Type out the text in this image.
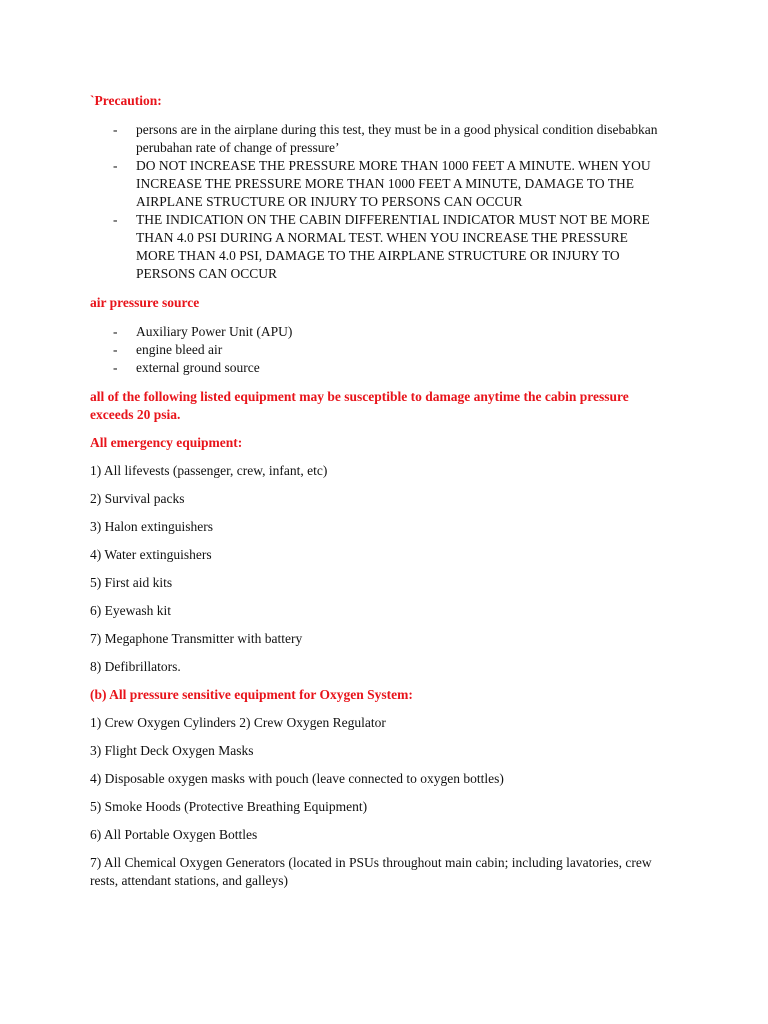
`Precaution:

- persons are in the airplane during this test, they must be in a good physical condition disebabkan perubahan rate of change of pressure’
- DO NOT INCREASE THE PRESSURE MORE THAN 1000 FEET A MINUTE. WHEN YOU INCREASE THE PRESSURE MORE THAN 1000 FEET A MINUTE, DAMAGE TO THE AIRPLANE STRUCTURE OR INJURY TO PERSONS CAN OCCUR
- THE INDICATION ON THE CABIN DIFFERENTIAL INDICATOR MUST NOT BE MORE THAN 4.0 PSI DURING A NORMAL TEST. WHEN YOU INCREASE THE PRESSURE MORE THAN 4.0 PSI, DAMAGE TO THE AIRPLANE STRUCTURE OR INJURY TO PERSONS CAN OCCUR

air pressure source

- Auxiliary Power Unit (APU)
- engine bleed air
- external ground source

all of the following listed equipment may be susceptible to damage anytime the cabin pressure exceeds 20 psia.

All emergency equipment:

1) All lifevests (passenger, crew, infant, etc)

2) Survival packs

3) Halon extinguishers

4) Water extinguishers

5) First aid kits

6) Eyewash kit

7) Megaphone Transmitter with battery

8) Defibrillators.

(b) All pressure sensitive equipment for Oxygen System:

1) Crew Oxygen Cylinders 2) Crew Oxygen Regulator

3) Flight Deck Oxygen Masks

4) Disposable oxygen masks with pouch (leave connected to oxygen bottles)

5) Smoke Hoods (Protective Breathing Equipment)

6) All Portable Oxygen Bottles

7) All Chemical Oxygen Generators (located in PSUs throughout main cabin; including lavatories, crew rests, attendant stations, and galleys)
